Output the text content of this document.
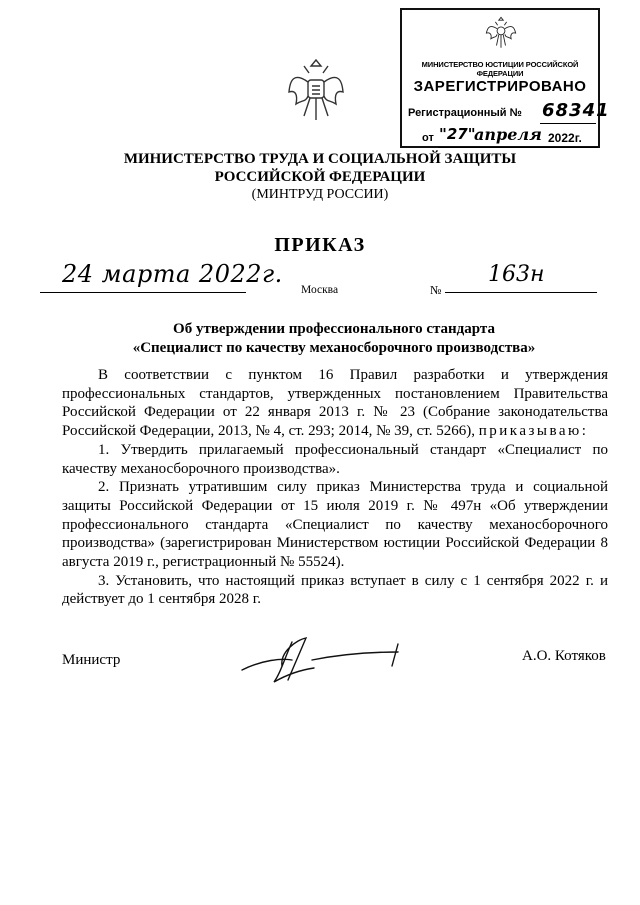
МИНИСТЕРСТВО ЮСТИЦИИ РОССИЙСКОЙ ФЕДЕРАЦИИ
ЗАРЕГИСТРИРОВАНО
Регистрационный № 68341
от "27"
апреля 2022г.
МИНИСТЕРСТВО ТРУДА И СОЦИАЛЬНОЙ ЗАЩИТЫ
РОССИЙСКОЙ ФЕДЕРАЦИИ
(МИНТРУД РОССИИ)
ПРИКАЗ
24 марта 2022г.
Москва	№
163н
Об утверждении профессионального стандарта
«Специалист по качеству механосборочного производства»

В соответствии с пунктом 16 Правил разработки и утверждения профессиональных стандартов, утвержденных постановлением Правительства Российской Федерации от 22 января 2013 г. № 23 (Собрание законодательства Российской Федерации, 2013, № 4, ст. 293; 2014, № 39, ст. 5266), приказываю:

1. Утвердить прилагаемый профессиональный стандарт «Специалист по качеству механосборочного производства».

2. Признать утратившим силу приказ Министерства труда и социальной защиты Российской Федерации от 15 июля 2019 г. № 497н «Об утверждении профессионального стандарта «Специалист по качеству механосборочного производства» (зарегистрирован Министерством юстиции Российской Федерации 8 августа 2019 г., регистрационный № 55524).

3. Установить, что настоящий приказ вступает в силу с 1 сентября 2022 г. и действует до 1 сентября 2028 г.

Министр	А.О. Котяков
